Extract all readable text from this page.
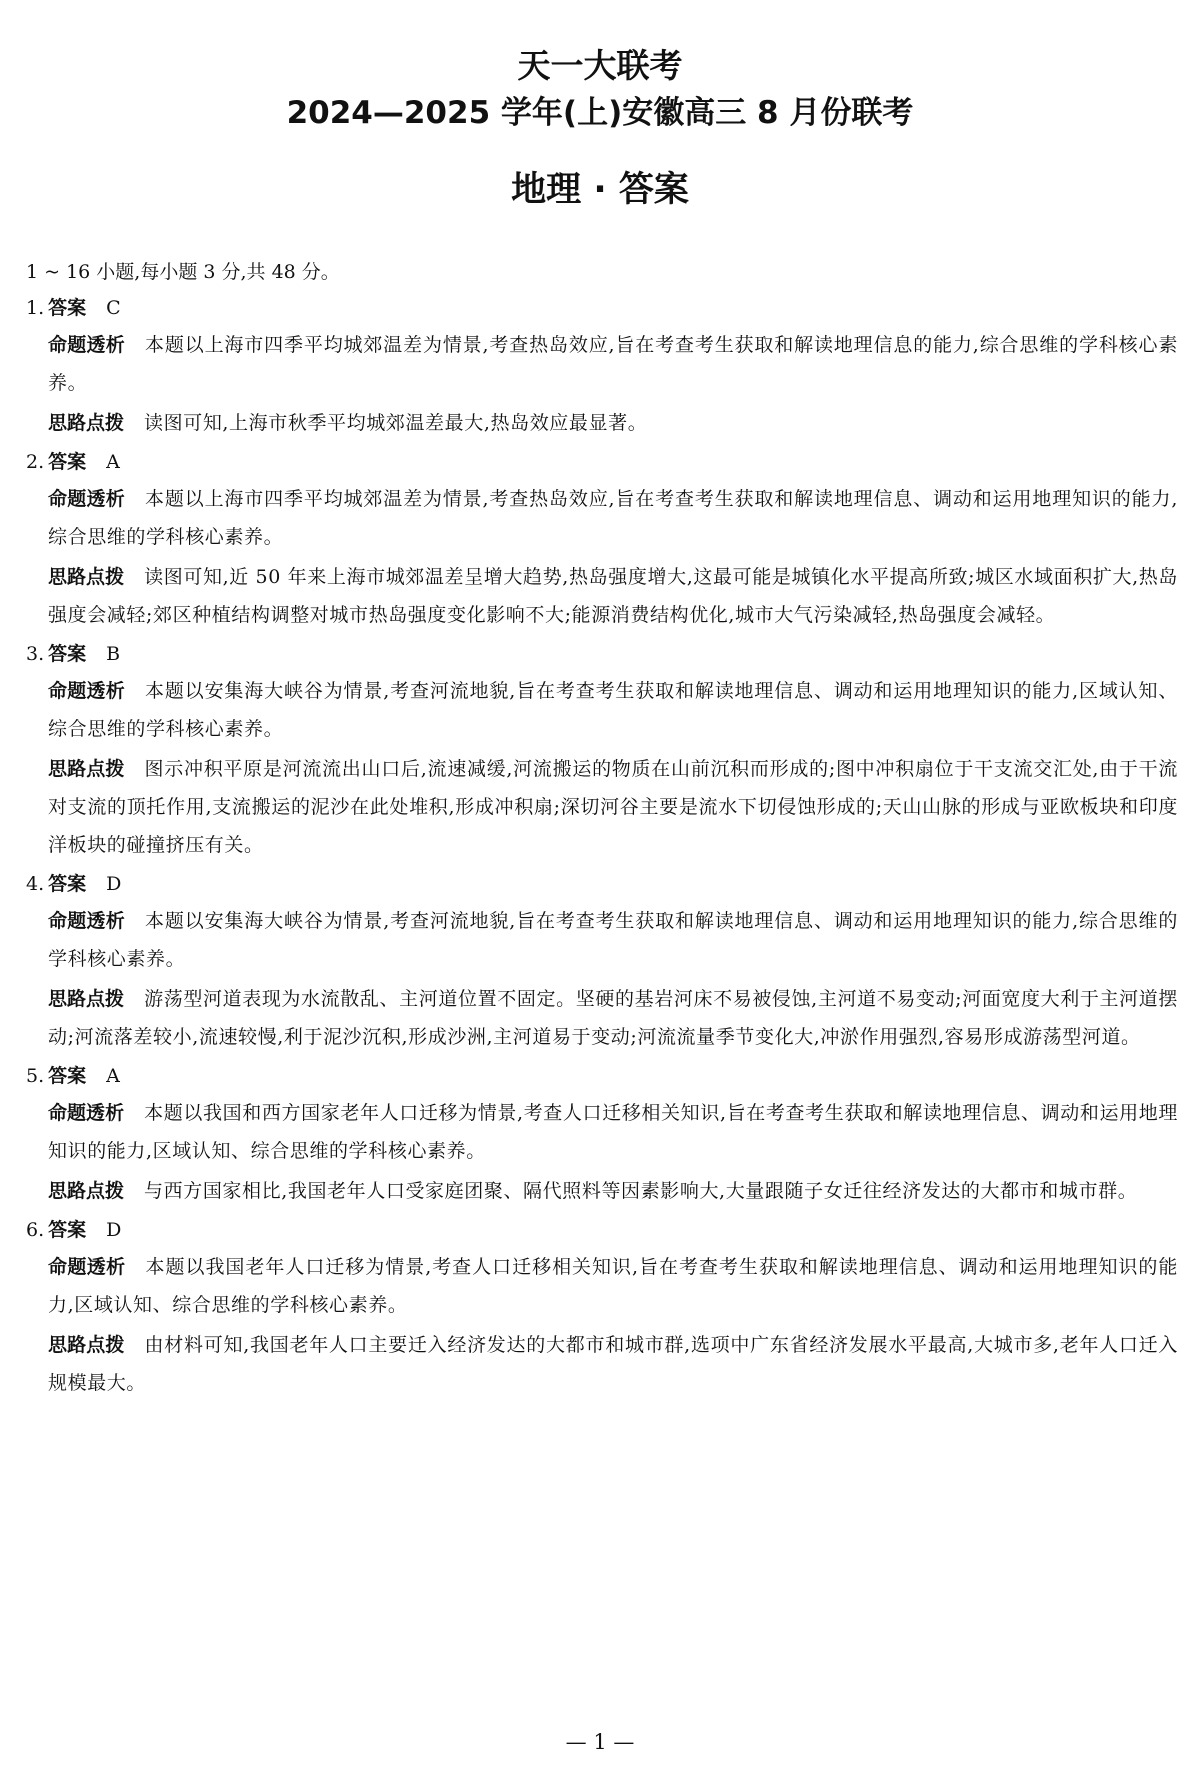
天一大联考
2024—2025 学年(上)安徽高三 8 月份联考
地理 · 答案
1 ~ 16 小题,每小题 3 分,共 48 分。
1. 答案 C
命题透析 本题以上海市四季平均城郊温差为情景,考查热岛效应,旨在考查考生获取和解读地理信息的能力,综合思维的学科核心素养。
思路点拨 读图可知,上海市秋季平均城郊温差最大,热岛效应最显著。
2. 答案 A
命题透析 本题以上海市四季平均城郊温差为情景,考查热岛效应,旨在考查考生获取和解读地理信息、调动和运用地理知识的能力,综合思维的学科核心素养。
思路点拨 读图可知,近 50 年来上海市城郊温差呈增大趋势,热岛强度增大,这最可能是城镇化水平提高所致;城区水域面积扩大,热岛强度会减轻;郊区种植结构调整对城市热岛强度变化影响不大;能源消费结构优化,城市大气污染减轻,热岛强度会减轻。
3. 答案 B
命题透析 本题以安集海大峡谷为情景,考查河流地貌,旨在考查考生获取和解读地理信息、调动和运用地理知识的能力,区域认知、综合思维的学科核心素养。
思路点拨 图示冲积平原是河流流出山口后,流速减缓,河流搬运的物质在山前沉积而形成的;图中冲积扇位于干支流交汇处,由于干流对支流的顶托作用,支流搬运的泥沙在此处堆积,形成冲积扇;深切河谷主要是流水下切侵蚀形成的;天山山脉的形成与亚欧板块和印度洋板块的碰撞挤压有关。
4. 答案 D
命题透析 本题以安集海大峡谷为情景,考查河流地貌,旨在考查考生获取和解读地理信息、调动和运用地理知识的能力,综合思维的学科核心素养。
思路点拨 游荡型河道表现为水流散乱、主河道位置不固定。坚硬的基岩河床不易被侵蚀,主河道不易变动;河面宽度大利于主河道摆动;河流落差较小,流速较慢,利于泥沙沉积,形成沙洲,主河道易于变动;河流流量季节变化大,冲淤作用强烈,容易形成游荡型河道。
5. 答案 A
命题透析 本题以我国和西方国家老年人口迁移为情景,考查人口迁移相关知识,旨在考查考生获取和解读地理信息、调动和运用地理知识的能力,区域认知、综合思维的学科核心素养。
思路点拨 与西方国家相比,我国老年人口受家庭团聚、隔代照料等因素影响大,大量跟随子女迁往经济发达的大都市和城市群。
6. 答案 D
命题透析 本题以我国老年人口迁移为情景,考查人口迁移相关知识,旨在考查考生获取和解读地理信息、调动和运用地理知识的能力,区域认知、综合思维的学科核心素养。
思路点拨 由材料可知,我国老年人口主要迁入经济发达的大都市和城市群,选项中广东省经济发展水平最高,大城市多,老年人口迁入规模最大。
— 1 —
